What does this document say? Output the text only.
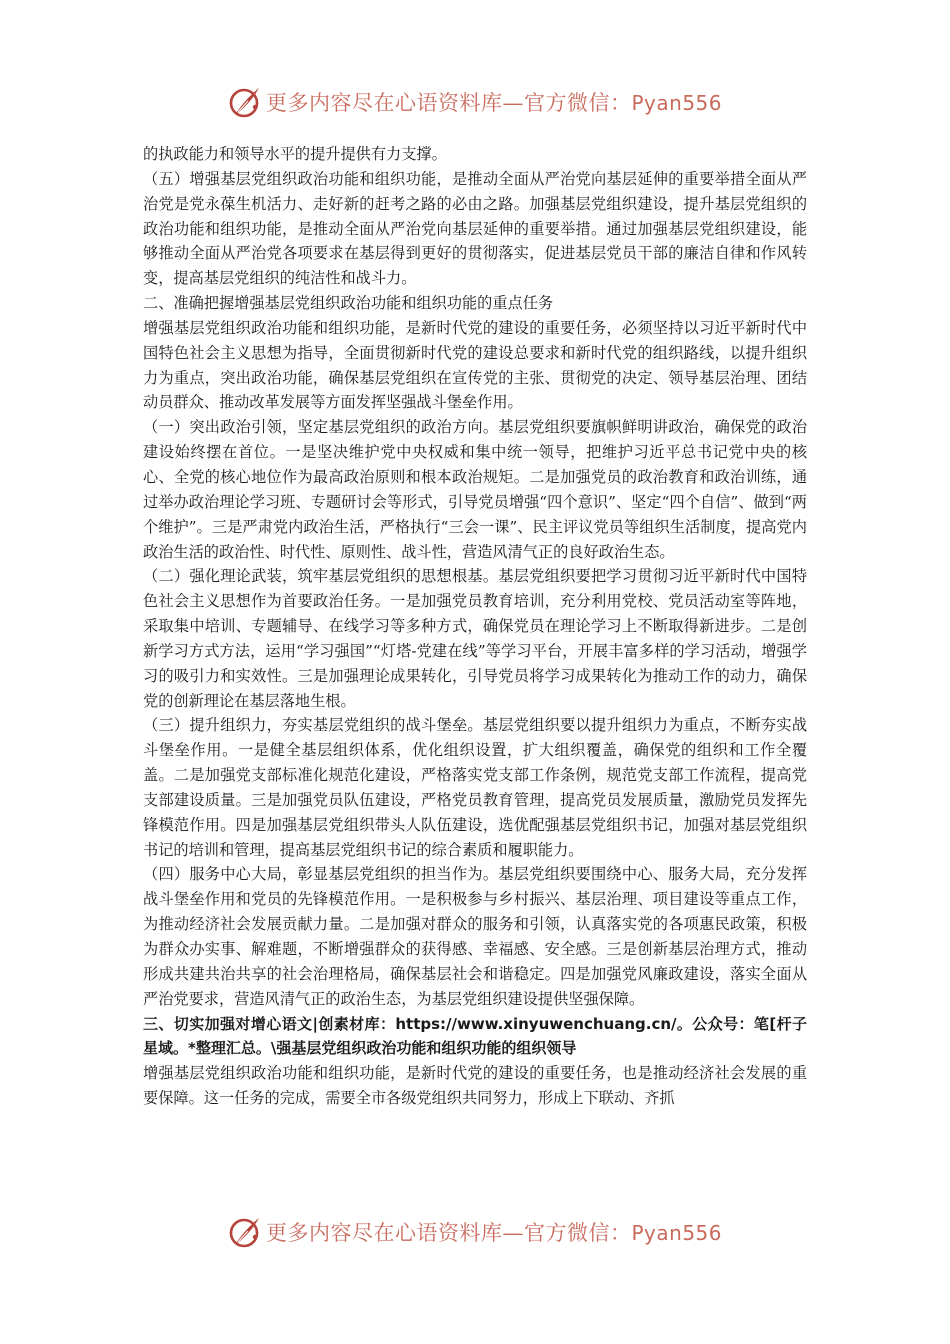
更多内容尽在心语资料库—官方微信：Pyan556

的执政能力和领导水平的提升提供有力支撑。

（五）增强基层党组织政治功能和组织功能，是推动全面从严治党向基层延伸的重要举措全面从严治党是党永葆生机活力、走好新的赶考之路的必由之路。加强基层党组织建设，提升基层党组织的政治功能和组织功能，是推动全面从严治党向基层延伸的重要举措。通过加强基层党组织建设，能够推动全面从严治党各项要求在基层得到更好的贯彻落实，促进基层党员干部的廉洁自律和作风转变，提高基层党组织的纯洁性和战斗力。

二、准确把握增强基层党组织政治功能和组织功能的重点任务

增强基层党组织政治功能和组织功能，是新时代党的建设的重要任务，必须坚持以习近平新时代中国特色社会主义思想为指导，全面贯彻新时代党的建设总要求和新时代党的组织路线，以提升组织力为重点，突出政治功能，确保基层党组织在宣传党的主张、贯彻党的决定、领导基层治理、团结动员群众、推动改革发展等方面发挥坚强战斗堡垒作用。

（一）突出政治引领，坚定基层党组织的政治方向。基层党组织要旗帜鲜明讲政治，确保党的政治建设始终摆在首位。一是坚决维护党中央权威和集中统一领导，把维护习近平总书记党中央的核心、全党的核心地位作为最高政治原则和根本政治规矩。二是加强党员的政治教育和政治训练，通过举办政治理论学习班、专题研讨会等形式，引导党员增强“四个意识”、坚定“四个自信”、做到“两个维护”。三是严肃党内政治生活，严格执行“三会一课”、民主评议党员等组织生活制度，提高党内政治生活的政治性、时代性、原则性、战斗性，营造风清气正的良好政治生态。

（二）强化理论武装，筑牢基层党组织的思想根基。基层党组织要把学习贯彻习近平新时代中国特色社会主义思想作为首要政治任务。一是加强党员教育培训，充分利用党校、党员活动室等阵地，采取集中培训、专题辅导、在线学习等多种方式，确保党员在理论学习上不断取得新进步。二是创新学习方式方法，运用“学习强国”“灯塔-党建在线”等学习平台，开展丰富多样的学习活动，增强学习的吸引力和实效性。三是加强理论成果转化，引导党员将学习成果转化为推动工作的动力，确保党的创新理论在基层落地生根。

（三）提升组织力，夯实基层党组织的战斗堡垒。基层党组织要以提升组织力为重点，不断夯实战斗堡垒作用。一是健全基层组织体系，优化组织设置，扩大组织覆盖，确保党的组织和工作全覆盖。二是加强党支部标准化规范化建设，严格落实党支部工作条例，规范党支部工作流程，提高党支部建设质量。三是加强党员队伍建设，严格党员教育管理，提高党员发展质量，激励党员发挥先锋模范作用。四是加强基层党组织带头人队伍建设，选优配强基层党组织书记，加强对基层党组织书记的培训和管理，提高基层党组织书记的综合素质和履职能力。

（四）服务中心大局，彰显基层党组织的担当作为。基层党组织要围绕中心、服务大局，充分发挥战斗堡垒作用和党员的先锋模范作用。一是积极参与乡村振兴、基层治理、项目建设等重点工作，为推动经济社会发展贡献力量。二是加强对群众的服务和引领，认真落实党的各项惠民政策，积极为群众办实事、解难题，不断增强群众的获得感、幸福感、安全感。三是创新基层治理方式，推动形成共建共治共享的社会治理格局，确保基层社会和谐稳定。四是加强党风廉政建设，落实全面从严治党要求，营造风清气正的政治生态，为基层党组织建设提供坚强保障。

三、切实加强对增心语文|创素材库：https://www.xinyuwenchuang.cn/。公众号：笔[杆子星域。*整理汇总。\强基层党组织政治功能和组织功能的组织领导

增强基层党组织政治功能和组织功能，是新时代党的建设的重要任务，也是推动经济社会发展的重要保障。这一任务的完成，需要全市各级党组织共同努力，形成上下联动、齐抓

更多内容尽在心语资料库—官方微信：Pyan556
